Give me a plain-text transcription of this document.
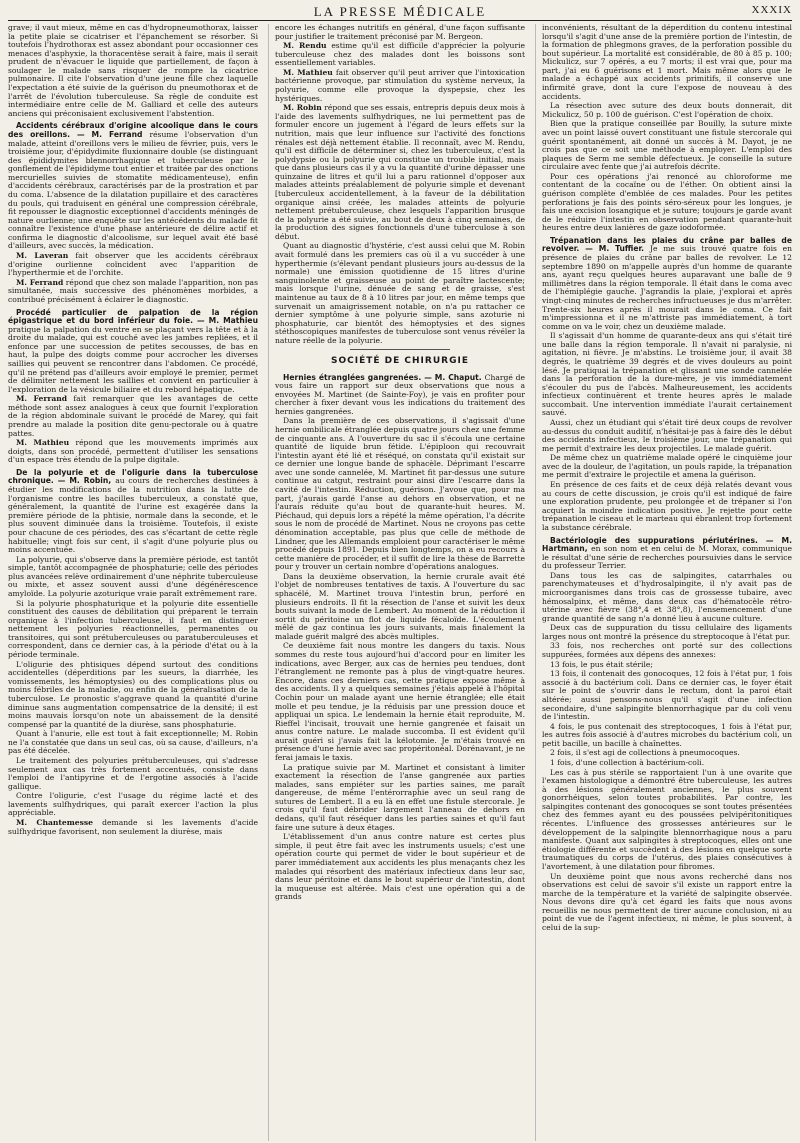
LA PRESSE MÉDICALE	XXXIX

grave; il vaut mieux, même en cas d'hydropneumothorax, laisser la petite plaie se cicatriser et l'épanchement se résorber. Si toutefois l'hydrothorax est assez abondant pour occasionner ces menaces d'asphyxie, la thoracentèse serait à faire, mais il serait prudent de n'évacuer le liquide que partiellement, de façon à soulager le malade sans risquer de rompre la cicatrice pulmonaire. Il cite l'observation d'une jeune fille chez laquelle l'expectation a été suivie de la guérison du pneumothorax et de l'arrêt de l'évolution tuberculeuse. Sa règle de conduite est intermédiaire entre celle de M. Galliard et celle des auteurs anciens qui préconisaient exclusivement l'abstention.

Accidents cérébraux d'origine alcoolique dans le cours des oreillons. — M. Ferrand résume l'observation d'un malade, atteint d'oreillons vers le milieu de février, puis, vers le troisième jour, d'épidydimite fluxionnaire double (se distinguant des épididymites blennorrhagique et tuberculeuse par le gonflement de l'épididyme tout entier et traitée par des onctions mercurielles suivies de stomatite médicamenteuse), enfin d'accidents cérébraux, caractérisés par de la prostration et par du coma. L'absence de la dilatation pupillaire et des caractères du pouls, qui traduisent en général une compression cérébrale, fit repousser le diagnostic exceptionnel d'accidents méningés de nature ourlienne; une enquête sur les antécédents du malade fit connaître l'existence d'une phase antérieure de délire actif et confirma le diagnostic d'alcoolisme, sur lequel avait été basé d'ailleurs, avec succès, la médication.

M. Laveran fait observer que les accidents cérébraux d'origine ourlienne coïncident avec l'apparition de l'hyperthermie et de l'orchite.

M. Ferrand répond que chez son malade l'apparition, non pas simultanée, mais successive des phénomènes morbides, a contribué précisément à éclairer le diagnostic.

Procédé particulier de palpation de la région épigastrique et du bord inférieur du foie. — M. Mathieu pratique la palpation du ventre en se plaçant vers la tête et à la droite du malade, qui est couché avec les jambes repliées, et il enfonce par une succession de petites secousses, de bas en haut, la pulpe des doigts comme pour accrocher les diverses saillies qui peuvent se rencontrer dans l'abdomen. Ce procédé, qu'il ne prétend pas d'ailleurs avoir employé le premier, permet de délimiter nettement les saillies et convient en particulier à l'exploration de la vésicule biliaire et du rebord hépatique.

M. Ferrand fait remarquer que les avantages de cette méthode sont assez analogues à ceux que fournit l'exploration de la région abdominale suivant le procédé de Marey, qui fait prendre au malade la position dite genu-pectorale ou à quatre pattes.

M. Mathieu répond que les mouvements imprimés aux doigts, dans son procédé, permettent d'utiliser les sensations d'un espace très étendu de la pulpe digitale.

De la polyurie et de l'oligurie dans la tuberculose chronique. — M. Robin, au cours de recherches destinées à étudier les modifications de la nutrition dans la lutte de l'organisme contre les bacilles tuberculeux, a constaté que, généralement, la quantité de l'urine est exagérée dans la première période de la phtisie, normale dans la seconde, et le plus souvent diminuée dans la troisième. Toutefois, il existe pour chacune de ces périodes, des cas s'écartant de cette règle habituelle; vingt fois sur cent, il s'agit d'une polyurie plus ou moins accentuée.

La polyurie, qui s'observe dans la première période, est tantôt simple, tantôt accompagnée de phosphaturie; celle des périodes plus avancées relève ordinairement d'une néphrite tuberculeuse ou mixte, et assez souvent aussi d'une dégénérescence amyloïde. La polyurie azoturique vraie paraît extrêmement rare.

Si la polyurie phosphaturique et la polyurie dite essentielle constituent des causes de débilitation qui préparent le terrain organique à l'infection tuberculeuse, il faut en distinguer nettement les polyuries réactionnelles, permanentes ou transitoires, qui sont prétuberculeuses ou paratuberculeuses et correspondent, dans ce dernier cas, à la période d'état ou à la période terminale.

L'oligurie des phtisiques dépend surtout des conditions accidentelles (déperditions par les sueurs, la diarrhée, les vomissements, les hémoptysies) ou des complications plus ou moins fébriles de la maladie, ou enfin de la généralisation de la tuberculose. Le pronostic s'aggrave quand la quantité d'urine diminue sans augmentation compensatrice de la densité; il est moins mauvais lorsqu'on note un abaissement de la densité compensé par la quantité de la diurèse, sans phosphaturie.

Quant à l'anurie, elle est tout à fait exceptionnelle; M. Robin ne l'a constatée que dans un seul cas, où sa cause, d'ailleurs, n'a pas été décelée.

Le traitement des polyuries prétuberculeuses, qui s'adresse seulement aux cas très fortement accentués, consiste dans l'emploi de l'antipyrine et de l'ergotine associés à l'acide gallique.

Contre l'oligurie, c'est l'usage du régime lacté et des lavements sulfhydriques, qui paraît exercer l'action la plus appréciable.

M. Chantemesse demande si les lavements d'acide sulfhydrique favorisent, non seulement la diurèse, mais

encore les échanges nutritifs en général, d'une façon suffisante pour justifier le traitement préconisé par M. Bergeon.

M. Rendu estime qu'il est difficile d'apprécier la polyurie tuberculeuse chez des malades dont les boissons sont essentiellement variables.

M. Mathieu fait observer qu'il peut arriver que l'intoxication bactérienne provoque, par stimulation du système nerveux, la polyurie, comme elle provoque la dyspepsie, chez les hystériques.

M. Robin répond que ses essais, entrepris depuis deux mois à l'aide des lavements sulfhydriques, ne lui permettent pas de formuler encore un jugement à l'égard de leurs effets sur la nutrition, mais que leur influence sur l'activité des fonctions rénales est déjà nettement établie. Il reconnaît, avec M. Rendu, qu'il est difficile de déterminer si, chez les tuberculeux, c'est la polydypsie ou la polyurie qui constitue un trouble initial, mais que dans plusieurs cas il y a vu la quantité d'urine dépasser une quinzaine de litres et qu'il lui a paru rationnel d'opposer aux malades atteints préalablement de polyurie simple et devenant [tuberculeux accidentellement, à la faveur de la débilitation organique ainsi créée, les malades atteints de polyurie nettement prétuberculeuse, chez lesquels l'apparition brusque de la polyurie a été suivie, au bout de deux à cinq semaines, de la production des signes fonctionnels d'une tuberculose à son début.

Quant au diagnostic d'hystérie, c'est aussi celui que M. Robin avait formulé dans les premiers cas où il a vu succéder à une hyperthermie (s'élevant pendant plusieurs jours au-dessus de la normale) une émission quotidienne de 15 litres d'urine sanguinolente et graisseuse au point de paraître lactescente; mais lorsque l'urine, dénuée de sang et de graisse, s'est maintenue au taux de 8 à 10 litres par jour, en même temps que survenait un amaigrissement notable, on n'a pu rattacher ce dernier symptôme à une polyurie simple, sans azoturie ni phosphaturie, car bientôt des hémoptysies et des signes stéthoscopiques manifestes de tuberculose sont venus révéler la nature réelle de la polyurie.

SOCIÉTÉ DE CHIRURGIE
Hernies étranglées gangrenées. — M. Chaput. Chargé de vous faire un rapport sur deux observations que nous a envoyées M. Martinet (de Sainte-Foy), je vais en profiter pour chercher à fixer devant vous les indications du traitement des hernies gangrenées.

Dans la première de ces observations, il s'agissait d'une hernie ombilicale étranglée depuis quatre jours chez une femme de cinquante ans. A l'ouverture du sac il s'écoula une certaine quantité de liquide brun fétide. L'épiploon qui recouvrait l'intestin ayant été lié et réséqué, on constata qu'il existait sur ce dernier une longue bande de sphacèle. Déprimant l'escarre avec une sonde cannelée, M. Martinet fit par-dessus une suture continue au catgut, restraint pour ainsi dire l'escarre dans la cavité de l'intestin. Réduction, guérison. J'avoue que, pour ma part, j'aurais gardé l'anse au dehors en observation, et ne l'aurais réduite qu'au bout de quarante-huit heures. M. Piéchaud, qui depuis lors a répété la même opération, l'a décrite sous le nom de procédé de Martinet. Nous ne croyons pas cette dénomination acceptable, pas plus que celle de méthode de Lindner, que les Allemands emploient pour caractériser le même procédé depuis 1891. Depuis bien longtemps, on a eu recours à cette manière de procéder, et il suffit de lire la thèse de Barrette pour y trouver un certain nombre d'opérations analogues.

Dans la deuxième observation, la hernie crurale avait été l'objet de nombreuses tentatives de taxis. A l'ouverture du sac sphacélé, M. Martinet trouva l'intestin brun, perforé en plusieurs endroits. Il fit la résection de l'anse et suivit les deux bouts suivant la mode de Lembert. Au moment de la réduction il sortit du péritoine un flot de liquide fécaloïde. L'écoulement mêlé de gaz continua les jours suivants, mais finalement la malade guérit malgré des abcès multiples.

Ce deuxième fait nous montre les dangers du taxis. Nous sommes du reste tous aujourd'hui d'accord pour en limiter les indications, avec Berger, aux cas de hernies peu tendues, dont l'étranglement ne remonte pas à plus de vingt-quatre heures. Encore, dans ces derniers cas, cette pratique expose même à des accidents. Il y a quelques semaines j'étais appelé à l'hôpital Cochin pour un malade ayant une hernie étranglée; elle était molle et peu tendue, je la réduisis par une pression douce et appliquai un spica. Le lendemain la hernie était reproduite, M. Rieffel l'incisait, trouvait une hernie gangrenée et faisait un anus contre nature. Le malade succomba. Il est évident qu'il aurait guéri si j'avais fait la kélotomie. Je m'étais trouvé en présence d'une hernie avec sac propéritonéal. Dorénavant, je ne ferai jamais le taxis.

La pratique suivie par M. Martinet et consistant à limiter exactement la résection de l'anse gangrenée aux parties malades, sans empiéter sur les parties saines, me paraît dangereuse, de même l'entérorraphie avec un seul rang de sutures de Lembert. Il a eu là en effet une fistule stercorale. Je crois qu'il faut débrider largement l'anneau de dehors en dedans, qu'il faut réséquer dans les parties saines et qu'il faut faire une suture à deux étages.

L'établissement d'un anus contre nature est certes plus simple, il peut être fait avec les instruments usuels; c'est une opération courte qui permet de vider le bout supérieur et de parer immédiatement aux accidents les plus menaçants chez les malades qui résorbent des matériaux infectieux dans leur sac, dans leur péritoine et dans le bout supérieur de l'intestin, dont la muqueuse est altérée. Mais c'est une opération qui a de grands

inconvénients, résultant de la déperdition du contenu intestinal lorsqu'il s'agit d'une anse de la première portion de l'intestin, de la formation de phlegmons graves, de la perforation possible du bout supérieur. La mortalité est considérable, de 80 à 85 p. 100; Mickulicz, sur 7 opérés, a eu 7 morts; il est vrai que, pour ma part, j'ai eu 6 guérisons et 1 mort. Mais même alors que le malade a échappé aux accidents primitifs, il conserve une infirmité grave, dont la cure l'expose de nouveau à des accidents.

La résection avec suture des deux bouts donnerait, dit Mickulicz, 50 p. 100 de guérison. C'est l'opération de choix.

Bien que la pratique conseillée par Bouilly, la suture mixte avec un point laissé ouvert constituant une fistule stercorale qui guérit spontanément, ait donné un succès à M. Dayot, je ne crois pas que ce soit une méthode à employer. L'emploi des plaques de Serm me semble défectueux. Je conseille la suture circulaire avec fente que j'ai autrefois décrite.

Pour ces opérations j'ai renoncé au chloroforme me contentant de la cocaïne ou de l'éther. On obtient ainsi la guérison complète d'emblée de ces malades. Pour les petites perforations je fais des points séro-séreux pour les longues, je fais une excision losangique et je suture; toujours je garde avant de le réduire l'intestin en observation pendant quarante-huit heures entre deux lanières de gaze iodoformée.

Trépanation dans les plaies du crâne par balles de revolver. — M. Tuffier. Je me suis trouvé quatre fois en présence de plaies du crâne par balles de revolver. Le 12 septembre 1890 on m'appelle auprès d'un homme de quarante ans, ayant reçu quelques heures auparavant une balle de 9 millimètres dans la région temporale. Il était dans le coma avec de l'hémiplégie gauche. J'agrandis la plaie, j'explorai et après vingt-cinq minutes de recherches infructueuses je dus m'arrêter. Trente-six heures après il mourait dans le coma. Ce fait m'impressionna et il ne m'attriste pas immédiatement, à tort comme on va le voir, chez un deuxième malade.

Il s'agissait d'un homme de quarante-deux ans qui s'était tiré une balle dans la région temporale. Il n'avait ni paralysie, ni agitation, ni fièvre. Je m'abstins. Le troisième jour, il avait 38 degrés, le quatrième 39 degrés et de vives douleurs au point lésé. Je pratiquai la trépanation et glissant une sonde cannelée dans la perforation de la dure-mère, je vis immédiatement s'écouler du pus de l'abcès. Malheureusement, les accidents infectieux continuèrent et trente heures après le malade succombait. Une intervention immédiate l'aurait certainement sauvé.

Aussi, chez un étudiant qui s'était tiré deux coups de revolver au-dessus du conduit auditif, n'hésitai-je pas à faire dès le début des accidents infectieux, le troisième jour, une trépanation qui me permit d'extraire les deux projectiles. Le malade guérit.

De même chez un quatrième malade opéré le cinquième jour avec de la douleur, de l'agitation, un pouls rapide, la trépanation me permit d'extraire le projectile et amena la guérison.

En présence de ces faits et de ceux déjà relatés devant vous au cours de cette discussion, je crois qu'il est indiqué de faire une exploration prudente, peu prolongée et de trépaner si l'on acquiert la moindre indication positive. Je rejette pour cette trépanation le ciseau et le marteau qui ébranlent trop fortement la substance cérébrale.

Bactériologie des suppurations périutérines. — M. Hartmann, en son nom et en celui de M. Morax, communique le résultat d'une série de recherches poursuivies dans le service du professeur Terrier.

Dans tous les cas de salpingites, catarrhales ou parenchymateuses et d'hydrosalpingite, il n'y avait pas de microorganismes dans trois cas de grossesse tubaire, avec hémosalpinx, et même, dans deux cas d'hématocèle rétro-utérine avec fièvre (38°,4 et 38°,8), l'ensemencement d'une grande quantité de sang n'a donné lieu à aucune culture.

Deux cas de suppuration du tissu cellulaire des ligaments larges nous ont montré la présence du streptocoque à l'état pur.

33 fois, nos recherches ont porté sur des collections suppurées, formées aux dépens des annexes:

13 fois, le pus était stérile;

13 fois, il contenait des gonocoques, 12 fois à l'état pur, 1 fois associé à du bactérium coli. Dans ce dernier cas, le foyer était sur le point de s'ouvrir dans le rectum, dont la paroi était altérée; aussi pensons-nous qu'il s'agit d'une infection secondaire, d'une salpingite blennorrhagique par du coli venu de l'intestin.

4 fois, le pus contenait des streptocoques, 1 fois à l'état pur, les autres fois associé à d'autres microbes du bactérium coli, un petit bacille, un bacille à chaînettes.

2 fois, il s'est agi de collections à pneumocoques.

1 fois, d'une collection à bactérium-coli.

Les cas à pus stérile se rapportaient l'un à une ovarite que l'examen histologique a démontré être tuberculeuse, les autres à des lésions généralement anciennes, le plus souvent gonorrhéiques, selon toutes probabilités. Par contre, les salpingites contenant des gonocoques se sont toutes présentées chez des femmes ayant eu des poussées pelvipéritonitiques récentes. L'influence des grossesses antérieures sur le développement de la salpingite blennorrhagique nous a paru manifeste. Quant aux salpingites à streptocoques, elles ont une étiologie différente et succèdent à des lésions en quelque sorte traumatiques du corps de l'utérus, des plaies consécutives à l'avortement, à une dilatation pour fibromes.

Un deuxième point que nous avons recherché dans nos observations est celui de savoir s'il existe un rapport entre la marche de la température et la variété de salpingite observée. Nous devons dire qu'à cet égard les faits que nous avons recueillis ne nous permettent de tirer aucune conclusion, ni au point de vue de l'agent infectieux, ni même, le plus souvent, à celui de la sup-
